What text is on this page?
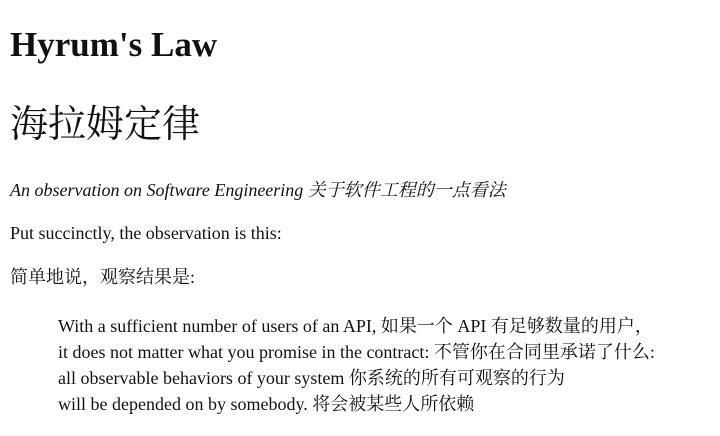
Hyrum's Law
海拉姆定律

An observation on Software Engineering 关于软件工程的一点看法

Put succinctly, the observation is this:

简单地说，观察结果是:

With a sufficient number of users of an API, 如果一个 API 有足够数量的用户，
it does not matter what you promise in the contract: 不管你在合同里承诺了什么:
all observable behaviors of your system 你系统的所有可观察的行为
will be depended on by somebody. 将会被某些人所依赖
